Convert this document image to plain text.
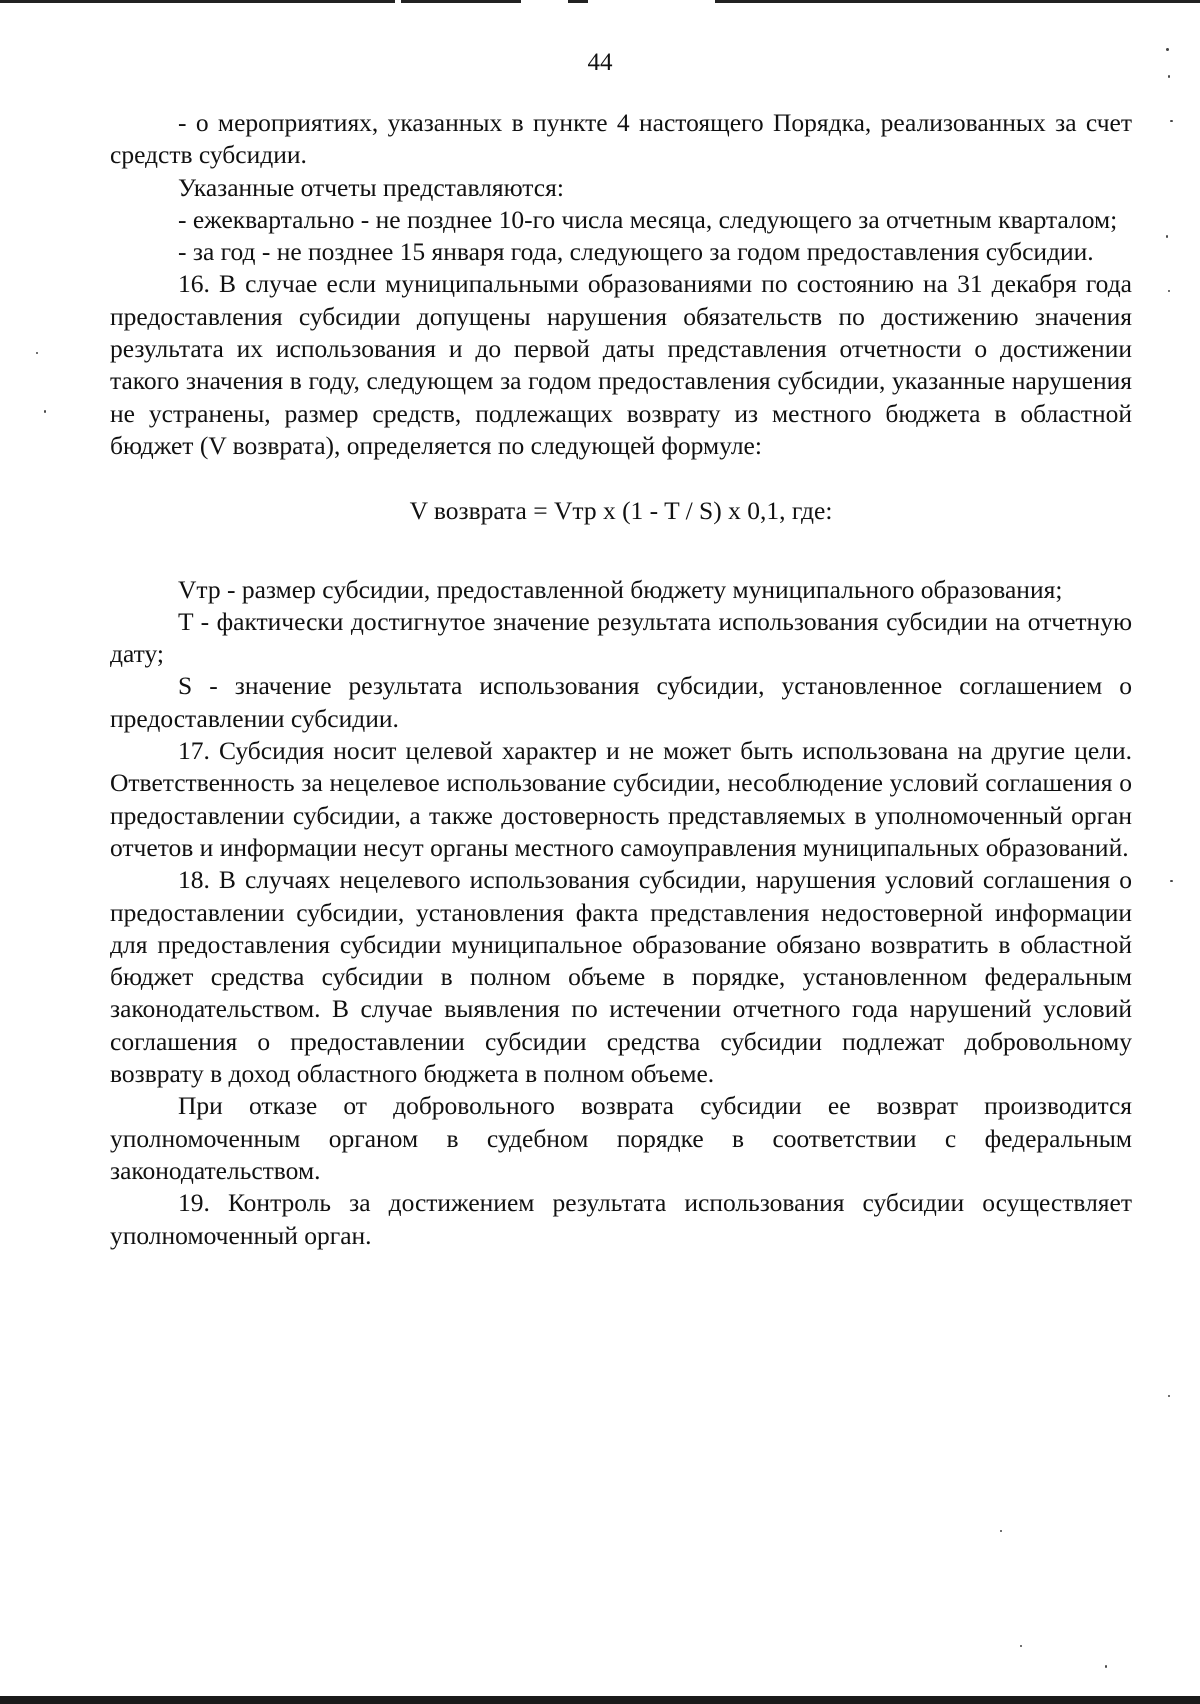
44

- о мероприятиях, указанных в пункте 4 настоящего Порядка, реализованных за счет средств субсидии.

Указанные отчеты представляются:

- ежеквартально - не позднее 10-го числа месяца, следующего за отчетным кварталом;

- за год - не позднее 15 января года, следующего за годом предоставления субсидии.

16. В случае если муниципальными образованиями по состоянию на 31 декабря года предоставления субсидии допущены нарушения обязательств по достижению значения результата их использования и до первой даты представления отчетности о достижении такого значения в году, следующем за годом предоставления субсидии, указанные нарушения не устранены, размер средств, подлежащих возврату из местного бюджета в областной бюджет (V возврата), определяется по следующей формуле:

V возврата = Vтр x (1 - T / S) x 0,1, где:

Vтр - размер субсидии, предоставленной бюджету муниципального образования;

T - фактически достигнутое значение результата использования субсидии на отчетную дату;

S - значение результата использования субсидии, установленное соглашением о предоставлении субсидии.

17. Субсидия носит целевой характер и не может быть использована на другие цели. Ответственность за нецелевое использование субсидии, несоблюдение условий соглашения о предоставлении субсидии, а также достоверность представляемых в уполномоченный орган отчетов и информации несут органы местного самоуправления муниципальных образований.

18. В случаях нецелевого использования субсидии, нарушения условий соглашения о предоставлении субсидии, установления факта представления недостоверной информации для предоставления субсидии муниципальное образование обязано возвратить в областной бюджет средства субсидии в полном объеме в порядке, установленном федеральным законодательством. В случае выявления по истечении отчетного года нарушений условий соглашения о предоставлении субсидии средства субсидии подлежат добровольному возврату в доход областного бюджета в полном объеме.

При отказе от добровольного возврата субсидии ее возврат производится уполномоченным органом в судебном порядке в соответствии с федеральным законодательством.

19. Контроль за достижением результата использования субсидии осуществляет уполномоченный орган.
